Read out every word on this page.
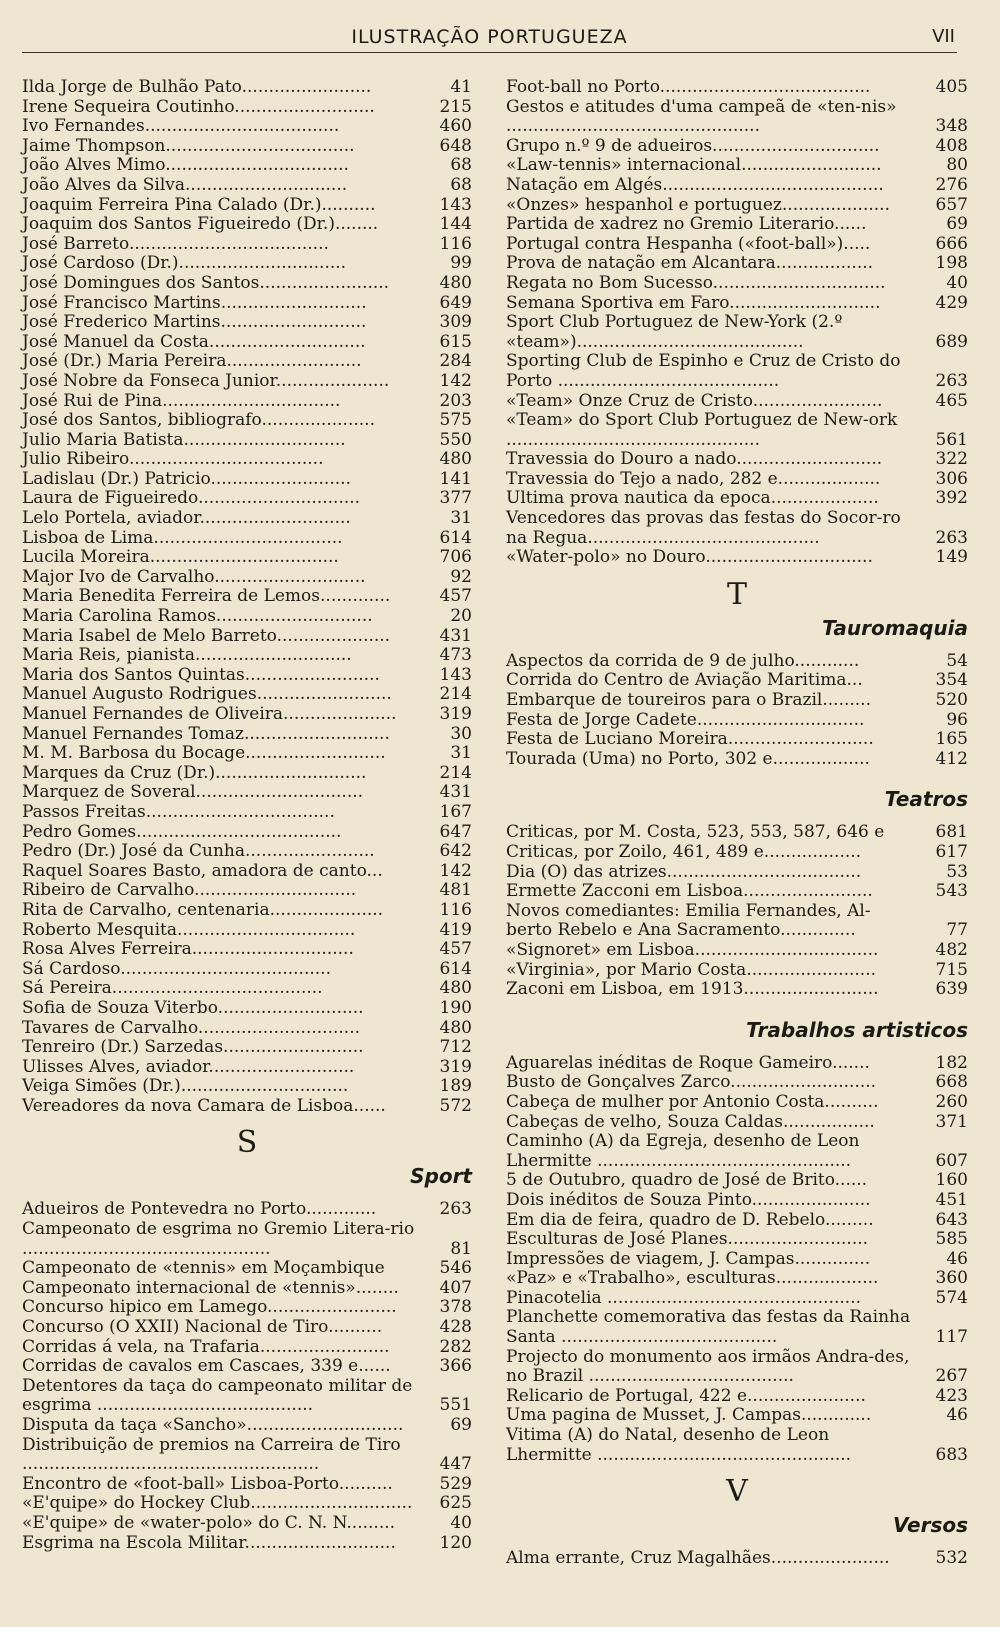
ILUSTRAÇÃO PORTUGUEZA	VII
Ilda Jorge de Bulhão Pato........................	41
Irene Sequeira Coutinho..........................	215
Ivo Fernandes....................................	460
Jaime Thompson...................................	648
João Alves Mimo..................................	68
João Alves da Silva..............................	68
Joaquim Ferreira Pina Calado (Dr.)..........	143
Joaquim dos Santos Figueiredo (Dr.)........	144
José Barreto.....................................	116
José Cardoso (Dr.)...............................	99
José Domingues dos Santos........................	480
José Francisco Martins...........................	649
José Frederico Martins...........................	309
José Manuel da Costa.............................	615
José (Dr.) Maria Pereira.........................	284
José Nobre da Fonseca Junior.....................	142
José Rui de Pina.................................	203
José dos Santos, bibliografo.....................	575
Julio Maria Batista..............................	550
Julio Ribeiro....................................	480
Ladislau (Dr.) Patricio..........................	141
Laura de Figueiredo..............................	377
Lelo Portela, aviador............................	31
Lisboa de Lima...................................	614
Lucila Moreira...................................	706
Major Ivo de Carvalho............................	92
Maria Benedita Ferreira de Lemos.............	457
Maria Carolina Ramos.............................	20
Maria Isabel de Melo Barreto.....................	431
Maria Reis, pianista.............................	473
Maria dos Santos Quintas.........................	143
Manuel Augusto Rodrigues.........................	214
Manuel Fernandes de Oliveira.....................	319
Manuel Fernandes Tomaz...........................	30
M. M. Barbosa du Bocage..........................	31
Marques da Cruz (Dr.)............................	214
Marquez de Soveral...............................	431
Passos Freitas...................................	167
Pedro Gomes......................................	647
Pedro (Dr.) José da Cunha........................	642
Raquel Soares Basto, amadora de canto...	142
Ribeiro de Carvalho..............................	481
Rita de Carvalho, centenaria.....................	116
Roberto Mesquita.................................	419
Rosa Alves Ferreira..............................	457
Sá Cardoso.......................................	614
Sá Pereira.......................................	480
Sofia de Souza Viterbo...........................	190
Tavares de Carvalho..............................	480
Tenreiro (Dr.) Sarzedas..........................	712
Ulisses Alves, aviador...........................	319
Veiga Simões (Dr.)...............................	189
Vereadores da nova Camara de Lisboa......	572
S
Sport
Adueiros de Pontevedra no Porto.............	263
Campeonato de esgrima no Gremio Litera-rio ..............................................	81
Campeonato de «tennis» em Moçambique	546
Campeonato internacional de «tennis»........	407
Concurso hipico em Lamego........................	378
Concurso (O XXII) Nacional de Tiro..........	428
Corridas á vela, na Trafaria........................	282
Corridas de cavalos em Cascaes, 339 e......	366
Detentores da taça do campeonato militar de esgrima ........................................	551
Disputa da taça «Sancho».............................	69
Distribuição de premios na Carreira de Tiro .......................................................	447
Encontro de «foot-ball» Lisboa-Porto..........	529
«E'quipe» do Hockey Club..............................	625
«E'quipe» de «water-polo» do C. N. N.........	40
Esgrima na Escola Militar............................	120
Foot-ball no Porto.......................................	405
Gestos e atitudes d'uma campeã de «ten-nis» ...............................................	348
Grupo n.º 9 de adueiros...............................	408
«Law-tennis» internacional..........................	80
Natação em Algés.........................................	276
«Onzes» hespanhol e portuguez....................	657
Partida de xadrez no Gremio Literario......	69
Portugal contra Hespanha («foot-ball»).....	666
Prova de natação em Alcantara..................	198
Regata no Bom Sucesso................................	40
Semana Sportiva em Faro............................	429
Sport Club Portuguez de New-York (2.º «team»)..........................................	689
Sporting Club de Espinho e Cruz de Cristo do Porto .........................................	263
«Team» Onze Cruz de Cristo........................	465
«Team» do Sport Club Portuguez de New-ork ...............................................	561
Travessia do Douro a nado...........................	322
Travessia do Tejo a nado, 282 e...................	306
Ultima prova nautica da epoca....................	392
Vencedores das provas das festas do Socor-ro na Regua...........................................	263
«Water-polo» no Douro...............................	149
T
Tauromaquia
Aspectos da corrida de 9 de julho............	54
Corrida do Centro de Aviação Maritima...	354
Embarque de toureiros para o Brazil.........	520
Festa de Jorge Cadete...............................	96
Festa de Luciano Moreira...........................	165
Tourada (Uma) no Porto, 302 e..................	412
Teatros
Criticas, por M. Costa, 523, 553, 587, 646 e	681
Criticas, por Zoilo, 461, 489 e..................	617
Dia (O) das atrizes....................................	53
Ermette Zacconi em Lisboa........................	543
Novos comediantes: Emilia Fernandes, Al-berto Rebelo e Ana Sacramento..............	77
«Signoret» em Lisboa..................................	482
«Virginia», por Mario Costa........................	715
Zaconi em Lisboa, em 1913.........................	639
Trabalhos artisticos
Aguarelas inéditas de Roque Gameiro.......	182
Busto de Gonçalves Zarco...........................	668
Cabeça de mulher por Antonio Costa..........	260
Cabeças de velho, Souza Caldas.................	371
Caminho (A) da Egreja, desenho de Leon Lhermitte ...............................................	607
5 de Outubro, quadro de José de Brito......	160
Dois inéditos de Souza Pinto......................	451
Em dia de feira, quadro de D. Rebelo.........	643
Esculturas de José Planes..........................	585
Impressões de viagem, J. Campas..............	46
«Paz» e «Trabalho», esculturas...................	360
Pinacotelia ...............................................	574
Planchette comemorativa das festas da Rainha Santa ........................................	117
Projecto do monumento aos irmãos Andra-des, no Brazil ......................................	267
Relicario de Portugal, 422 e......................	423
Uma pagina de Musset, J. Campas.............	46
Vitima (A) do Natal, desenho de Leon Lhermitte ...............................................	683
V
Versos
Alma errante, Cruz Magalhães......................	532
